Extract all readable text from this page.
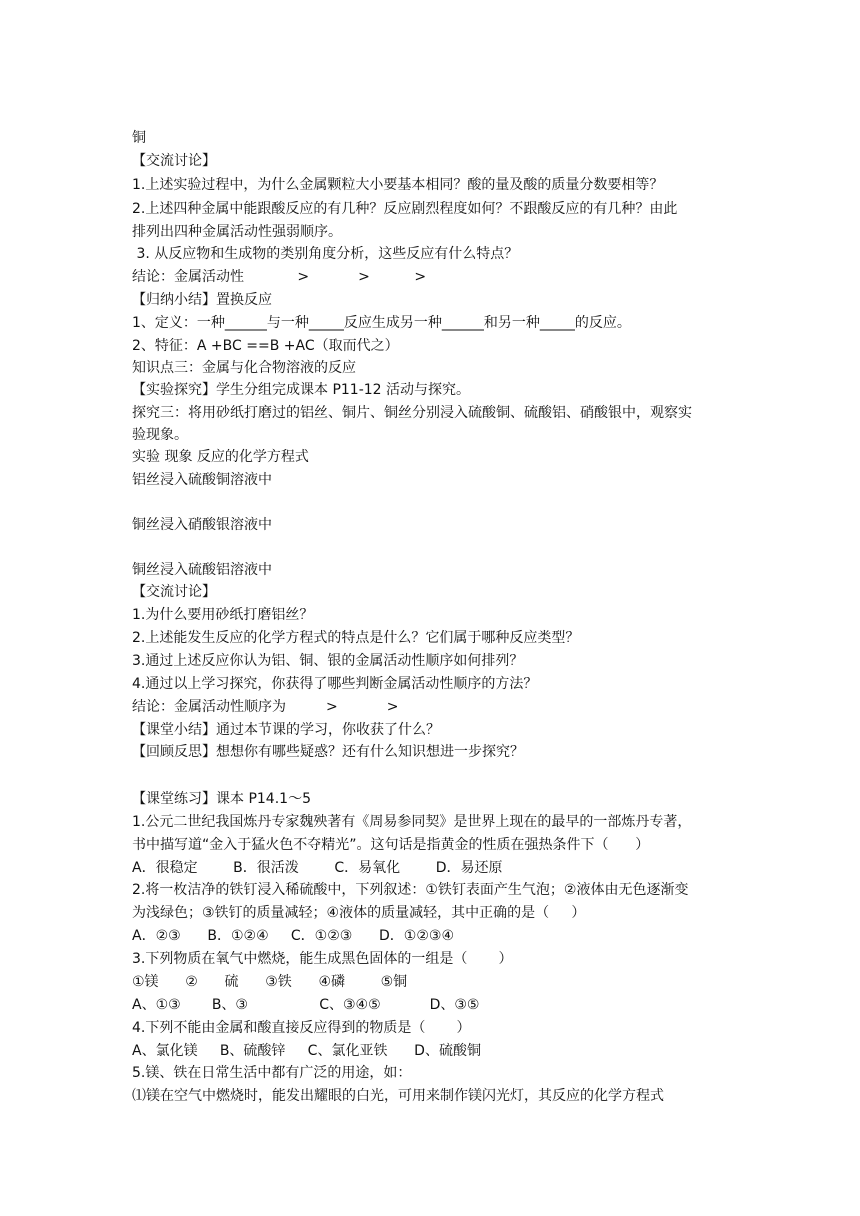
铜

【交流讨论】

1.上述实验过程中，为什么金属颗粒大小要基本相同？酸的量及酸的质量分数要相等？

2.上述四种金属中能跟酸反应的有几种？反应剧烈程度如何？不跟酸反应的有几种？由此

排列出四种金属活动性强弱顺序。

3. 从反应物和生成物的类别角度分析，这些反应有什么特点？

结论：金属活动性            >           >          >

【归纳小结】置换反应

1、定义：一种______与一种_____反应生成另一种______和另一种_____的反应。

2、特征：A +BC ==B +AC（取而代之）

知识点三：金属与化合物溶液的反应

【实验探究】学生分组完成课本 P11-12 活动与探究。

探究三：将用砂纸打磨过的铝丝、铜片、铜丝分别浸入硫酸铜、硫酸铝、硝酸银中，观察实

验现象。

实验 现象 反应的化学方程式

铝丝浸入硫酸铜溶液中

铜丝浸入硝酸银溶液中

铜丝浸入硫酸铝溶液中

【交流讨论】

1.为什么要用砂纸打磨铝丝？

2.上述能发生反应的化学方程式的特点是什么？它们属于哪种反应类型？

3.通过上述反应你认为铝、铜、银的金属活动性顺序如何排列？

4.通过以上学习探究，你获得了哪些判断金属活动性顺序的方法？

结论：金属活动性顺序为         >           >

【课堂小结】通过本节课的学习，你收获了什么？

【回顾反思】想想你有哪些疑惑？还有什么知识想进一步探究？

【课堂练习】课本 P14.1～5

1.公元二世纪我国炼丹专家魏殃著有《周易参同契》是世界上现在的最早的一部炼丹专著，

书中描写道“金入于猛火色不夺精光”。这句话是指黄金的性质在强热条件下（      ）

A．很稳定        B．很活泼        C．易氧化        D．易还原

2.将一枚洁净的铁钉浸入稀硫酸中，下列叙述：①铁钉表面产生气泡；②液体由无色逐渐变

为浅绿色；③铁钉的质量减轻；④液体的质量减轻，其中正确的是（     ）

A．②③      B．①②④     C．①②③      D．①②③④

3.下列物质在氧气中燃烧，能生成黑色固体的一组是（       ）

①镁      ②      硫      ③铁      ④磷        ⑤铜

A、①③       B、③                C、③④⑤           D、③⑤

4.下列不能由金属和酸直接反应得到的物质是（       ）

A、氯化镁     B、硫酸锌     C、氯化亚铁      D、硫酸铜

5.镁、铁在日常生活中都有广泛的用途，如：

⑴镁在空气中燃烧时，能发出耀眼的白光，可用来制作镁闪光灯，其反应的化学方程式
